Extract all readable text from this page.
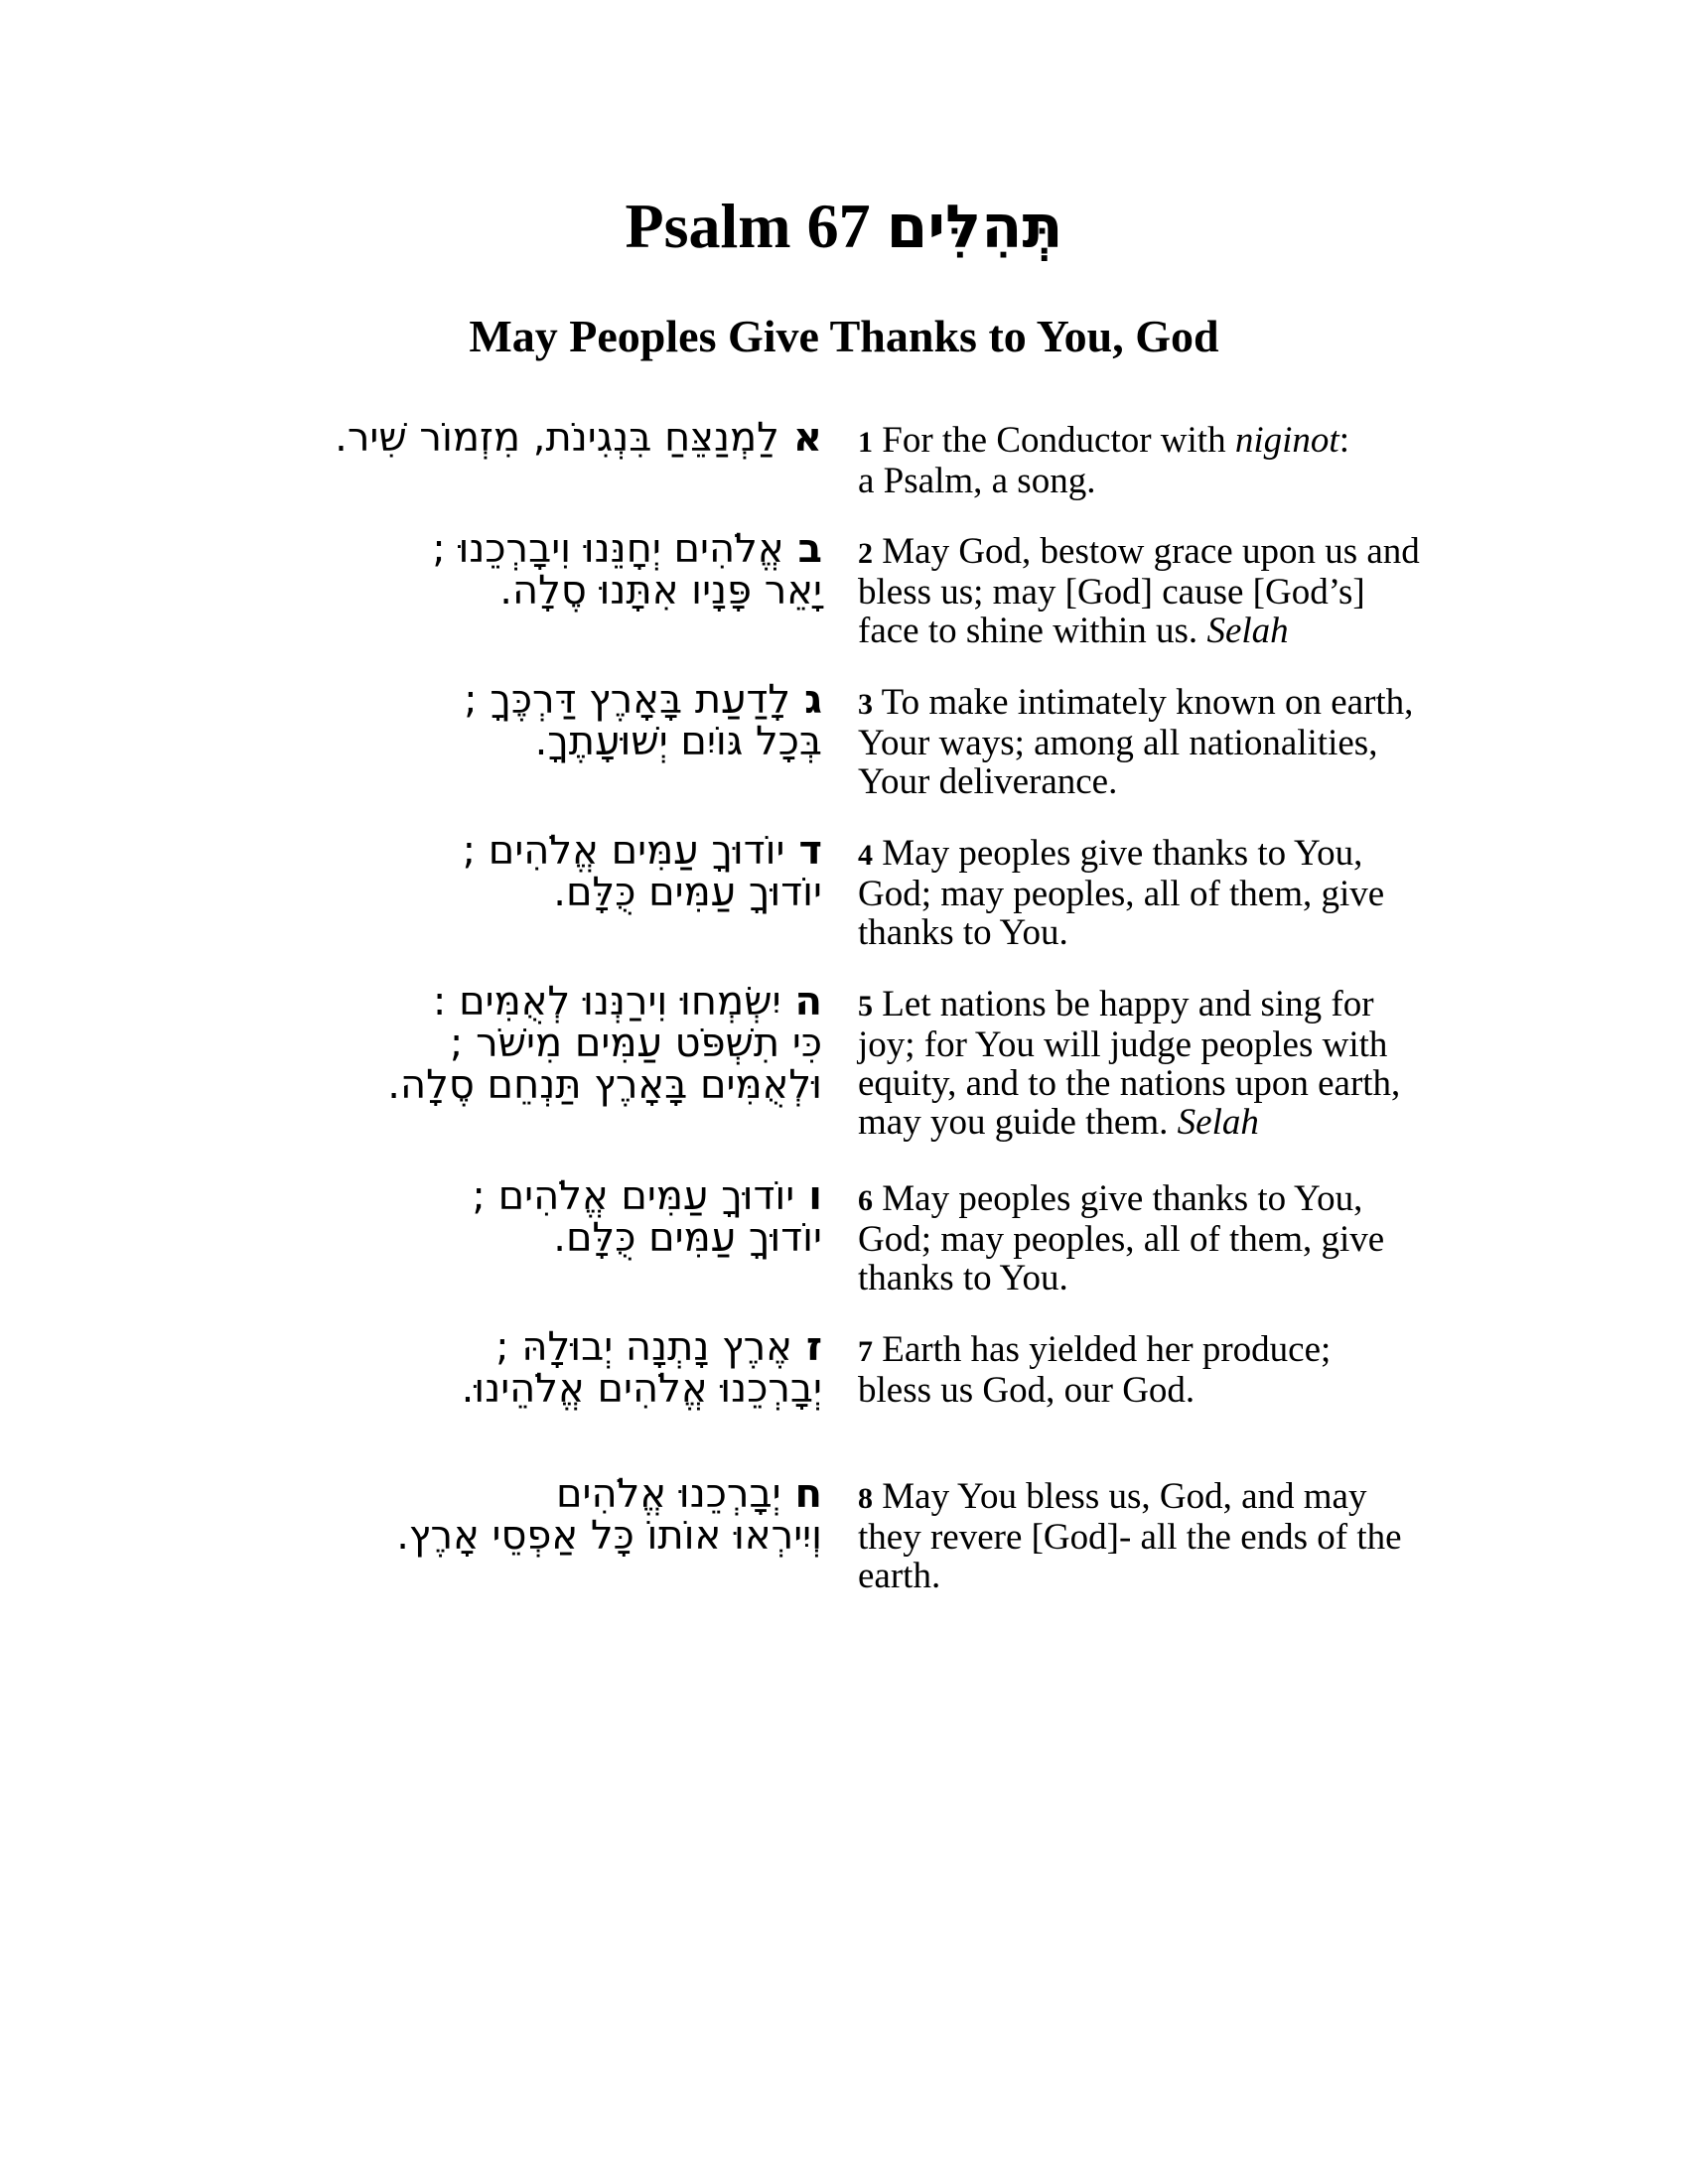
Psalm 67 תְּהִלִּים
May Peoples Give Thanks to You, God
אלַמְנַצֵּחַ בִּנְגִינֹת, מִזְמוֹר שִׁיר.	1 For the Conductor with niginot:
a Psalm, a song.
באֱלֹהִים יְחָנֵּנוּ וִיבָרְכֵנוּ ;
יָאֵר פָּנָיו אִתָּנוּ סֶלָה.
2 May God, bestow grace upon us and
bless us; may [God] cause [God’s]
face to shine within us. Selah
גלָדַעַת בָּאָרֶץ דַּרְכֶּךָ ;
בְּכָל גּוֹיִם יְשׁוּעָתֶךָ.
3 To make intimately known on earth,
Your ways; among all nationalities,
Your deliverance.
דיוֹדוּךָ עַמִּים אֱלֹהִים ;
יוֹדוּךָ עַמִּים כֻּלָּם.
4 May peoples give thanks to You,
God; may peoples, all of them, give
thanks to You.
היִשְׂמְחוּ וִירַנְּנוּ לְאֻמִּים :
כִּי תִשְׁפֹּט עַמִּים מִישֹׁר ;
וּלְאֻמִּים בָּאָרֶץ תַּנְחֵם סֶלָה.
5 Let nations be happy and sing for
joy; for You will judge peoples with
equity, and to the nations upon earth,
may you guide them. Selah
ויוֹדוּךָ עַמִּים אֱלֹהִים ;
יוֹדוּךָ עַמִּים כֻּלָּם.
6 May peoples give thanks to You,
God; may peoples, all of them, give
thanks to You.
זאֶרֶץ נָתְנָה יְבוּלָהּ ;
יְבָרְכֵנוּ אֱלֹהִים אֱלֹהֵינוּ.
7 Earth has yielded her produce;
bless us God, our God.
חיְבָרְכֵנוּ אֱלֹהִים
וְיִירְאוּ אוֹתוֹ כָּל אַפְסֵי אָרֶץ.
8 May You bless us, God, and may
they revere [God]- all the ends of the
earth.
